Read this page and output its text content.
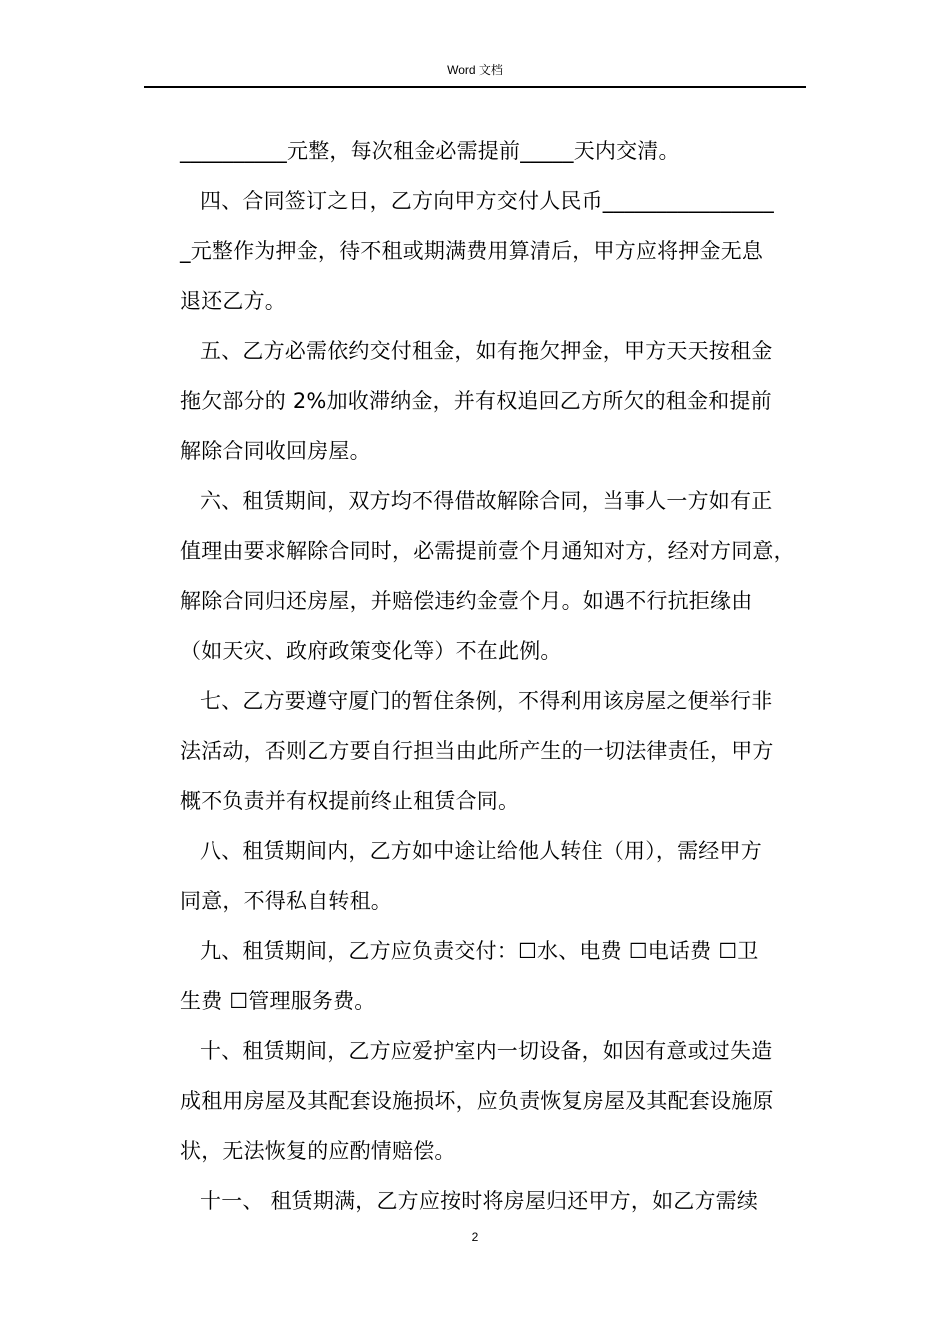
Word 文档
__________元整，每次租金必需提前_____天内交清。
四、合同签订之日，乙方向甲方交付人民币________________
_元整作为押金，待不租或期满费用算清后，甲方应将押金无息
退还乙方。
五、乙方必需依约交付租金，如有拖欠押金，甲方天天按租金
拖欠部分的 2%加收滞纳金，并有权追回乙方所欠的租金和提前
解除合同收回房屋。
六、租赁期间，双方均不得借故解除合同，当事人一方如有正
值理由要求解除合同时，必需提前壹个月通知对方，经对方同意，
解除合同归还房屋，并赔偿违约金壹个月。如遇不行抗拒缘由
（如天灾、政府政策变化等）不在此例。
七、乙方要遵守厦门的暂住条例，不得利用该房屋之便举行非
法活动，否则乙方要自行担当由此所产生的一切法律责任，甲方
概不负责并有权提前终止租赁合同。
八、租赁期间内，乙方如中途让给他人转住（用），需经甲方
同意，不得私自转租。
九、租赁期间，乙方应负责交付：☐水、电费 ☐电话费 ☐卫
生费 ☐管理服务费。
十、租赁期间，乙方应爱护室内一切设备，如因有意或过失造
成租用房屋及其配套设施损坏，应负责恢复房屋及其配套设施原
状，无法恢复的应酌情赔偿。
十一、 租赁期满，乙方应按时将房屋归还甲方，如乙方需续
2
